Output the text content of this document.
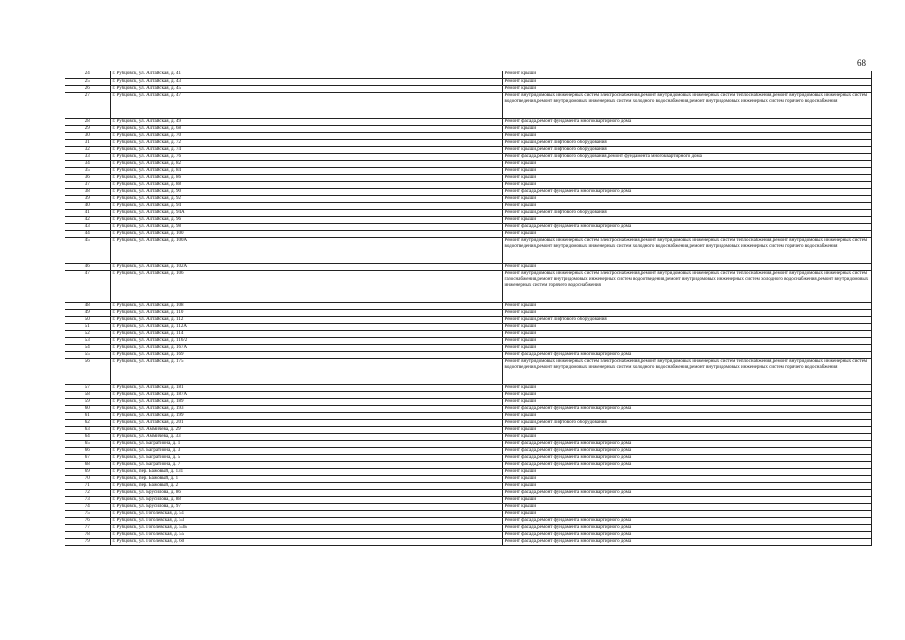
68
24	г. Рубцовск, ул. Алтайская, д. 41	Ремонт крыши
25	г. Рубцовск, ул. Алтайская, д. 43	Ремонт крыши
26	г. Рубцовск, ул. Алтайская, д. 45	Ремонт крыши
27	г. Рубцовск, ул. Алтайская, д. 47	Ремонт внутридомовых инженерных систем электроснабжения,ремонт внутридомовых инженерных систем теплоснабжения,ремонт внутридомовых инженерных систем водоотведения,ремонт внутридомовых инженерных систем холодного водоснабжения,ремонт внутридомовых инженерных систем горячего водоснабжения
28	г. Рубцовск, ул. Алтайская, д. 49	Ремонт фасада,ремонт фундамента многоквартирного дома
29	г. Рубцовск, ул. Алтайская, д. 68	Ремонт крыши
30	г. Рубцовск, ул. Алтайская, д. 70	Ремонт крыши
31	г. Рубцовск, ул. Алтайская, д. 72	Ремонт крыши,ремонт лифтового оборудования
32	г. Рубцовск, ул. Алтайская, д. 74	Ремонт крыши,ремонт лифтового оборудования
33	г. Рубцовск, ул. Алтайская, д. 76	Ремонт фасада,ремонт лифтового оборудования,ремонт фундамента многоквартирного дома
34	г. Рубцовск, ул. Алтайская, д. 82	Ремонт крыши
35	г. Рубцовск, ул. Алтайская, д. 84	Ремонт крыши
36	г. Рубцовск, ул. Алтайская, д. 86	Ремонт крыши
37	г. Рубцовск, ул. Алтайская, д. 88	Ремонт крыши
38	г. Рубцовск, ул. Алтайская, д. 90	Ремонт фасада,ремонт фундамента многоквартирного дома
39	г. Рубцовск, ул. Алтайская, д. 92	Ремонт крыши
40	г. Рубцовск, ул. Алтайская, д. 94	Ремонт крыши
41	г. Рубцовск, ул. Алтайская, д. 94А	Ремонт крыши,ремонт лифтового оборудования
42	г. Рубцовск, ул. Алтайская, д. 96	Ремонт крыши
43	г. Рубцовск, ул. Алтайская, д. 98	Ремонт фасада,ремонт фундамента многоквартирного дома
44	г. Рубцовск, ул. Алтайская, д. 100	Ремонт крыши
45	г. Рубцовск, ул. Алтайская, д. 100А	Ремонт внутридомовых инженерных систем электроснабжения,ремонт внутридомовых инженерных систем теплоснабжения,ремонт внутридомовых инженерных систем водоотведения,ремонт внутридомовых инженерных систем холодного водоснабжения,ремонт внутридомовых инженерных систем горячего водоснабжения
46	г. Рубцовск, ул. Алтайская, д. 102А	Ремонт крыши
47	г. Рубцовск, ул. Алтайская, д. 106	Ремонт внутридомовых инженерных систем электроснабжения,ремонт внутридомовых инженерных систем теплоснабжения,ремонт внутридомовых инженерных систем газоснабжения,ремонт внутридомовых инженерных систем водоотведения,ремонт внутридомовых инженерных систем холодного водоснабжения,ремонт внутридомовых инженерных систем горячего водоснабжения
48	г. Рубцовск, ул. Алтайская, д. 108	Ремонт крыши
49	г. Рубцовск, ул. Алтайская, д. 110	Ремонт крыши
50	г. Рубцовск, ул. Алтайская, д. 112	Ремонт крыши,ремонт лифтового оборудования
51	г. Рубцовск, ул. Алтайская, д. 112А	Ремонт крыши
52	г. Рубцовск, ул. Алтайская, д. 114	Ремонт крыши
53	г. Рубцовск, ул. Алтайская, д. 116/2	Ремонт крыши
54	г. Рубцовск, ул. Алтайская, д. 167А	Ремонт крыши
55	г. Рубцовск, ул. Алтайская, д. 169	Ремонт фасада,ремонт фундамента многоквартирного дома
56	г. Рубцовск, ул. Алтайская, д. 175	Ремонт внутридомовых инженерных систем электроснабжения,ремонт внутридомовых инженерных систем теплоснабжения,ремонт внутридомовых инженерных систем водоотведения,ремонт внутридомовых инженерных систем холодного водоснабжения,ремонт внутридомовых инженерных систем горячего водоснабжения
57	г. Рубцовск, ул. Алтайская, д. 181	Ремонт крыши
58	г. Рубцовск, ул. Алтайская, д. 187А	Ремонт крыши
59	г. Рубцовск, ул. Алтайская, д. 189	Ремонт крыши
60	г. Рубцовск, ул. Алтайская, д. 193	Ремонт фасада,ремонт фундамента многоквартирного дома
61	г. Рубцовск, ул. Алтайская, д. 199	Ремонт крыши
62	г. Рубцовск, ул. Алтайская, д. 201	Ремонт крыши,ремонт лифтового оборудования
63	г. Рубцовск, ул. Аммичева, д. 29	Ремонт крыши
64	г. Рубцовск, ул. Аммичева, д. 33	Ремонт крыши
65	г. Рубцовск, ул. Багратиона, д. 1	Ремонт фасада,ремонт фундамента многоквартирного дома
66	г. Рубцовск, ул. Багратиона, д. 3	Ремонт фасада,ремонт фундамента многоквартирного дома
67	г. Рубцовск, ул. Багратиона, д. 5	Ремонт фасада,ремонт фундамента многоквартирного дома
68	г. Рубцовск, ул. Багратиона, д. 7	Ремонт фасада,ремонт фундамента многоквартирного дома
69	г. Рубцовск, пер. Бажовый, д. 131	Ремонт крыши
70	г. Рубцовск, пер. Бажовый, д. 1	Ремонт крыши
71	г. Рубцовск, пер. Бажовый, д. 2	Ремонт крыши
72	г. Рубцовск, ул. Брусилова, д. 86	Ремонт фасада,ремонт фундамента многоквартирного дома
73	г. Рубцовск, ул. Брусилова, д. 88	Ремонт крыши
74	г. Рубцовск, ул. Брусилова, д. 97	Ремонт крыши
75	г. Рубцовск, ул. Гоголевская, д. 51	Ремонт крыши
76	г. Рубцовск, ул. Гоголевская, д. 53	Ремонт фасада,ремонт фундамента многоквартирного дома
77	г. Рубцовск, ул. Гоголевская, д. 53Б	Ремонт фасада,ремонт фундамента многоквартирного дома
78	г. Рубцовск, ул. Гоголевская, д. 55	Ремонт фасада,ремонт фундамента многоквартирного дома
79	г. Рубцовск, ул. Гоголевская, д. 60	Ремонт фасада,ремонт фундамента многоквартирного дома
